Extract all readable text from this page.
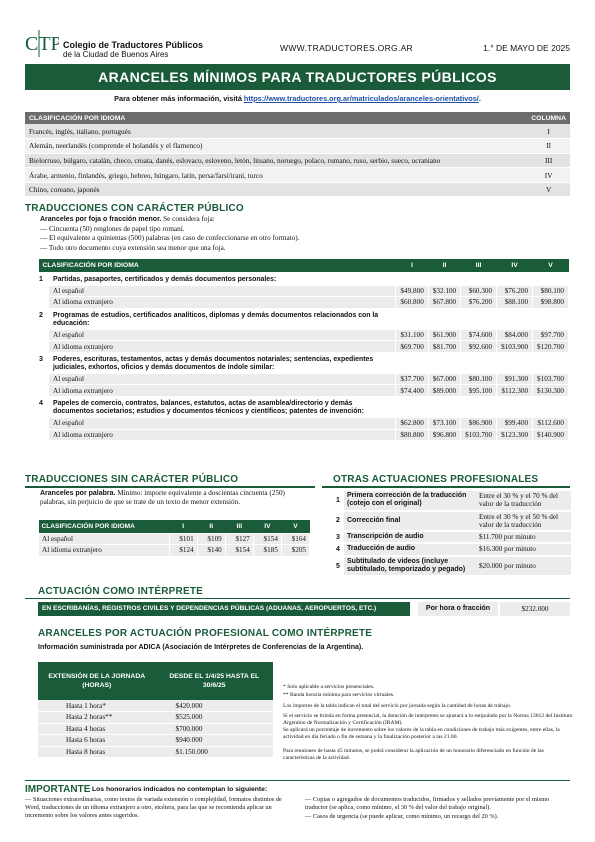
CTP Colegio de Traductores Públicos
de la Ciudad de Buenos Aires
WWW.TRADUCTORES.ORG.AR	1.° DE MAYO DE 2025
ARANCELES MÍNIMOS PARA TRADUCTORES PÚBLICOS
Para obtener más información, visitá https://www.traductores.org.ar/matriculados/aranceles-orientativos/.
CLASIFICACIÓN POR IDIOMA	COLUMNA
Francés, inglés, italiano, portugués	I
Alemán, neerlandés (comprende el holandés y el flamenco)	II
Bielorruso, búlgaro, catalán, checo, croata, danés, eslovaco, esloveno, letón, lituano, noruego, polaco, rumano, ruso, serbio, sueco, ucraniano	III
Árabe, armenio, finlandés, griego, hebreo, húngaro, latín, persa/farsí/iraní, turco	IV
Chino, coreano, japonés	V
TRADUCCIONES CON CARÁCTER PÚBLICO
Aranceles por foja o fracción menor. Se considera foja:
— Cincuenta (50) renglones de papel tipo romaní.
— El equivalente a quinientas (500) palabras (en caso de confeccionarse en otro formato).
— Todo otro documento cuya extensión sea menor que una foja.
CLASIFICACIÓN POR IDIOMA		I	II	III	IV	V
1	Partidas, pasaportes, certificados y demás documentos personales:					
	Al español	$49.800	$32.100	$60.300	$76.200	$80.100
	Al idioma extranjero	$60.800	$67.800	$76.200	$88.100	$98.800
2	Programas de estudios, certificados analíticos, diplomas y demás documentos relacionados con la educación:					
	Al español	$31.100	$61.900	$74.600	$84.000	$97.700
	Al idioma extranjero	$69.700	$81.700	$92.600	$103.900	$120.700
3	Poderes, escrituras, testamentos, actas y demás documentos notariales; sentencias, expedientes judiciales, exhortos, oficios y demás documentos de índole similar:					
	Al español	$37.700	$67.000	$80.100	$91.300	$103.700
	Al idioma extranjero	$74.400	$89.000	$95.100	$112.300	$130.300
4	Papeles de comercio, contratos, balances, estatutos, actas de asamblea/directorio y demás documentos societarios; estudios y documentos técnicos y científicos; patentes de invención:					
	Al español	$62.800	$73.100	$86.900	$99.400	$112.600
	Al idioma extranjero	$80.800	$96.800	$103.700	$123.300	$140.900
TRADUCCIONES SIN CARÁCTER PÚBLICO
Aranceles por palabra. Mínimo: importe equivalente a doscientas cincuenta (250) palabras, sin perjuicio de que se trate de un texto de menor extensión.
CLASIFICACIÓN POR IDIOMA	I	II	III	IV	V
Al español	$101	$109	$127	$154	$164
Al idioma extranjero	$124	$140	$154	$185	$205
OTRAS ACTUACIONES PROFESIONALES
1	Primera corrección de la traducción (cotejo con el original)	Entre el 30 % y el 70 % del valor de la traducción
2	Corrección final	Entre el 30 % y el 50 % del valor de la traducción
3	Transcripción de audio	$11.700 por minuto
4	Traducción de audio	$16.300 por minuto
5	Subtitulado de videos (incluye subtitulado, temporizado y pegado)	$20.000 por minuto
ACTUACIÓN COMO INTÉRPRETE
EN ESCRIBANÍAS, REGISTROS CIVILES Y DEPENDENCIAS PÚBLICAS (ADUANAS, AEROPUERTOS, ETC.)	Por hora o fracción	$232.000
ARANCELES POR ACTUACIÓN PROFESIONAL COMO INTÉRPRETE
Información suministrada por ADICA (Asociación de Intérpretes de Conferencias de la Argentina).
EXTENSIÓN DE LA JORNADA (HORAS)	DESDE EL 1/4/25 HASTA EL 30/6/25
Hasta 1 hora*	$420.000
Hasta 2 horas**	$525.000
Hasta 4 horas	$700.000
Hasta 6 horas	$940.000
Hasta 8 horas	$1.150.000
* Solo aplicable a servicios presenciales.
** Banda horaria mínima para servicios virtuales.
Los importes de la tabla indican el total del servicio por jornada según la cantidad de horas de trabajo.
Si el servicio se brinda en forma presencial, la dotación de intérpretes se ajustará a lo estipulado por la Norma 13612 del Instituto Argentino de Normalización y Certificación (IRAM).
Se aplicará un porcentaje de incremento sobre los valores de la tabla en condiciones de trabajo más exigentes, entre ellas, la actividad en día feriado o fin de semana y la finalización posterior a las 21.00.
Para reuniones de hasta 45 minutos, se podrá considerar la aplicación de un honorario diferenciado en función de las características de la actividad.
IMPORTANTE Los honorarios indicados no contemplan lo siguiente:
— Situaciones extraordinarias, como textos de variada extensión o complejidad, formatos distintos de Word, traducciones de un idioma extranjero a otro, etcétera, para las que se recomienda aplicar un incremento sobre los valores antes sugeridos.
— Copias o agregados de documentos traducidos, firmados y sellados previamente por el mismo traductor (se aplica, como mínimo, el 30 % del valor del trabajo original).
— Casos de urgencia (se puede aplicar, como mínimo, un recargo del 20 %).
